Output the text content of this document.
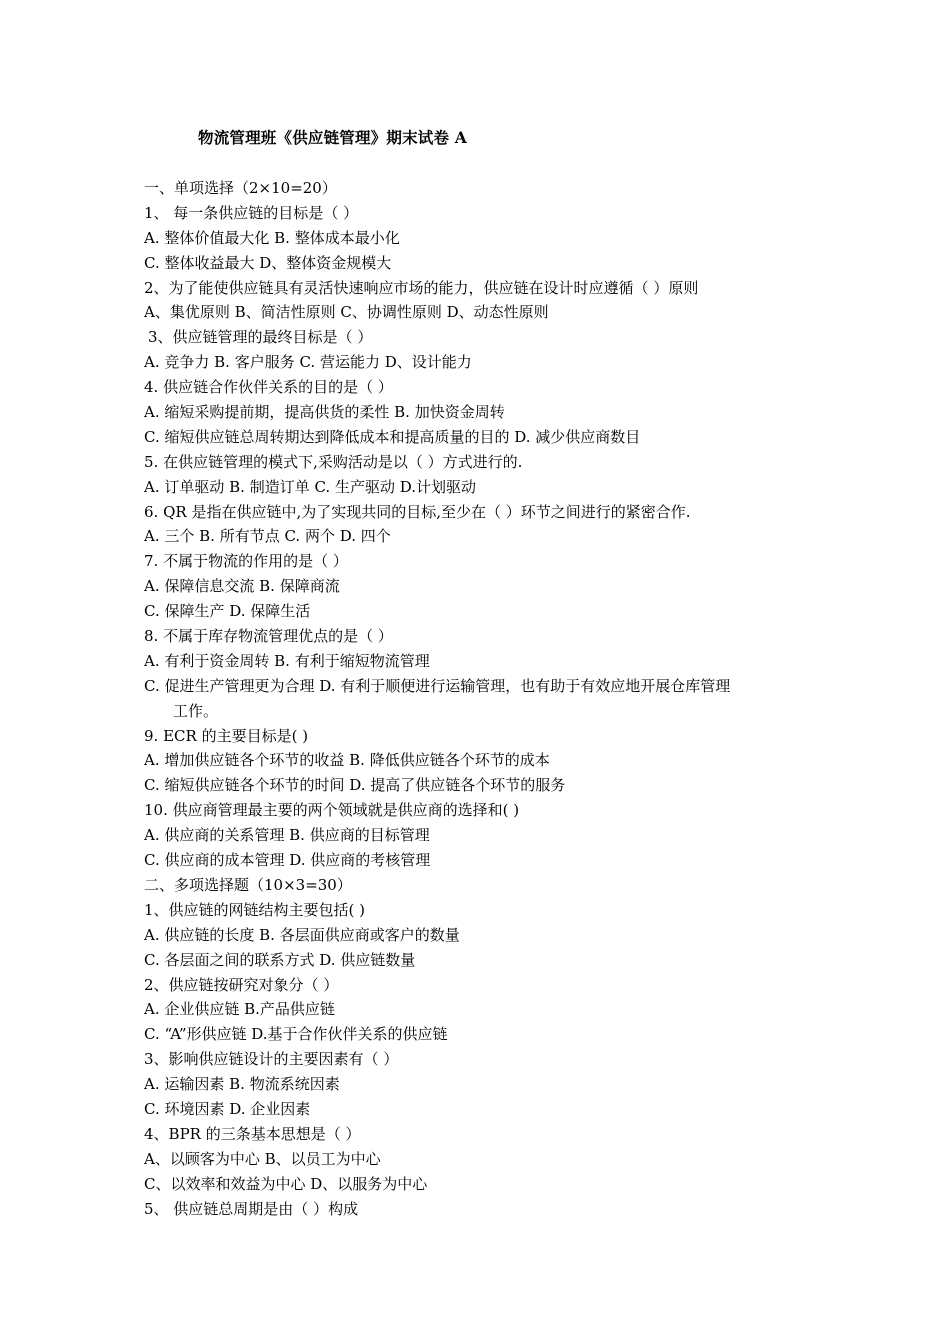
物流管理班《供应链管理》期末试卷 A
一、单项选择（2×10=20）
1、 每一条供应链的目标是（ ）
A. 整体价值最大化 B. 整体成本最小化
C. 整体收益最大 D、整体资金规模大
2、为了能使供应链具有灵活快速响应市场的能力，供应链在设计时应遵循（ ）原则
A、集优原则 B、简洁性原则 C、协调性原则 D、动态性原则
3、供应链管理的最终目标是（ ）
A. 竞争力 B. 客户服务 C. 营运能力 D、设计能力
4. 供应链合作伙伴关系的目的是（ ）
A. 缩短采购提前期，提高供货的柔性 B. 加快资金周转
C. 缩短供应链总周转期达到降低成本和提高质量的目的 D. 减少供应商数目
5. 在供应链管理的模式下,采购活动是以（ ）方式进行的.
A. 订单驱动 B. 制造订单 C. 生产驱动 D.计划驱动
6. QR 是指在供应链中,为了实现共同的目标,至少在（ ）环节之间进行的紧密合作.
A. 三个 B. 所有节点 C. 两个 D. 四个
7. 不属于物流的作用的是（ ）
A. 保障信息交流 B. 保障商流
C. 保障生产 D. 保障生活
8. 不属于库存物流管理优点的是（ ）
A. 有利于资金周转 B. 有利于缩短物流管理
C. 促进生产管理更为合理 D. 有利于顺便进行运输管理，也有助于有效应地开展仓库管理
工作。
9. ECR 的主要目标是( )
A. 增加供应链各个环节的收益 B. 降低供应链各个环节的成本
C. 缩短供应链各个环节的时间 D. 提高了供应链各个环节的服务
10. 供应商管理最主要的两个领域就是供应商的选择和( )
A. 供应商的关系管理 B. 供应商的目标管理
C. 供应商的成本管理 D. 供应商的考核管理
二、多项选择题（10×3=30）
1、供应链的网链结构主要包括( )
A. 供应链的长度 B. 各层面供应商或客户的数量
C. 各层面之间的联系方式 D. 供应链数量
2、供应链按研究对象分（ ）
A. 企业供应链 B.产品供应链
C. “A”形供应链 D.基于合作伙伴关系的供应链
3、影响供应链设计的主要因素有（ ）
A. 运输因素 B. 物流系统因素
C. 环境因素 D. 企业因素
4、BPR 的三条基本思想是（ ）
A、以顾客为中心 B、以员工为中心
C、以效率和效益为中心 D、以服务为中心
5、 供应链总周期是由（ ）构成
